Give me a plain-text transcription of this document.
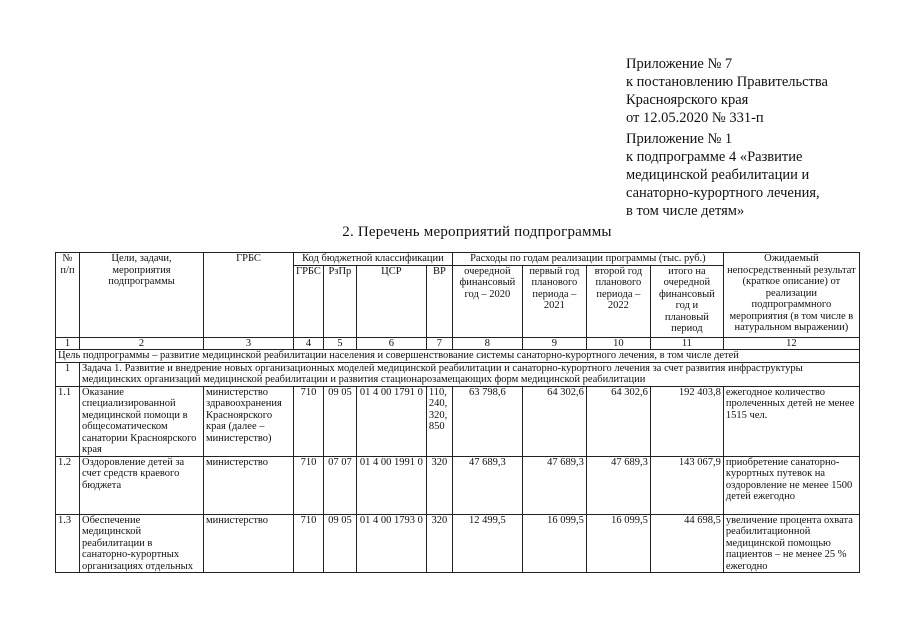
Приложение № 7
к постановлению Правительства
Красноярского края
от 12.05.2020 № 331-п
Приложение № 1
к подпрограмме 4 «Развитие
медицинской реабилитации и
санаторно-курортного лечения,
в том числе детям»
2. Перечень мероприятий подпрограммы
№ п/п	Цели, задачи, мероприятия подпрограммы	ГРБС	Код бюджетной классификации				Расходы по годам реализации программы (тыс. руб.)				Ожидаемый непосредственный результат (краткое описание) от реализации подпрограммного мероприятия (в том числе в натуральном выражении)
			ГРБС	РзПр	ЦСР	ВР	очередной финансовый год – 2020	первый год планового периода – 2021	второй год планового периода – 2022	итого на очередной финансовый год и плановый период	
1	2	3	4	5	6	7	8	9	10	11	12
Цель подпрограммы – развитие медицинской реабилитации населения и совершенствование системы санаторно-курортного лечения, в том числе детей											
1	Задача 1. Развитие и внедрение новых организационных моделей медицинской реабилитации и санаторно-курортного лечения за счет развития инфраструктуры медицинских организаций медицинской реабилитации и развития стационарозамещающих форм медицинской реабилитации										
1.1	Оказание специализированной медицинской помощи в общесоматическом санатории Красноярского края	министерство здравоохранения Красноярского края (далее – министерство)	710	09 05	01 4 00 1791 0	110, 240, 320, 850	63 798,6	64 302,6	64 302,6	192 403,8	ежегодное количество пролеченных детей не менее 1515 чел.
1.2	Оздоровление детей за счет средств краевого бюджета	министерство	710	07 07	01 4 00 1991 0	320	47 689,3	47 689,3	47 689,3	143 067,9	приобретение санаторно-курортных путевок на оздоровление не менее 1500 детей ежегодно
1.3	Обеспечение медицинской реабилитации в санаторно-курортных организациях отдельных	министерство	710	09 05	01 4 00 1793 0	320	12 499,5	16 099,5	16 099,5	44 698,5	увеличение процента охвата реабилитационной медицинской помощью пациентов – не менее 25 % ежегодно
